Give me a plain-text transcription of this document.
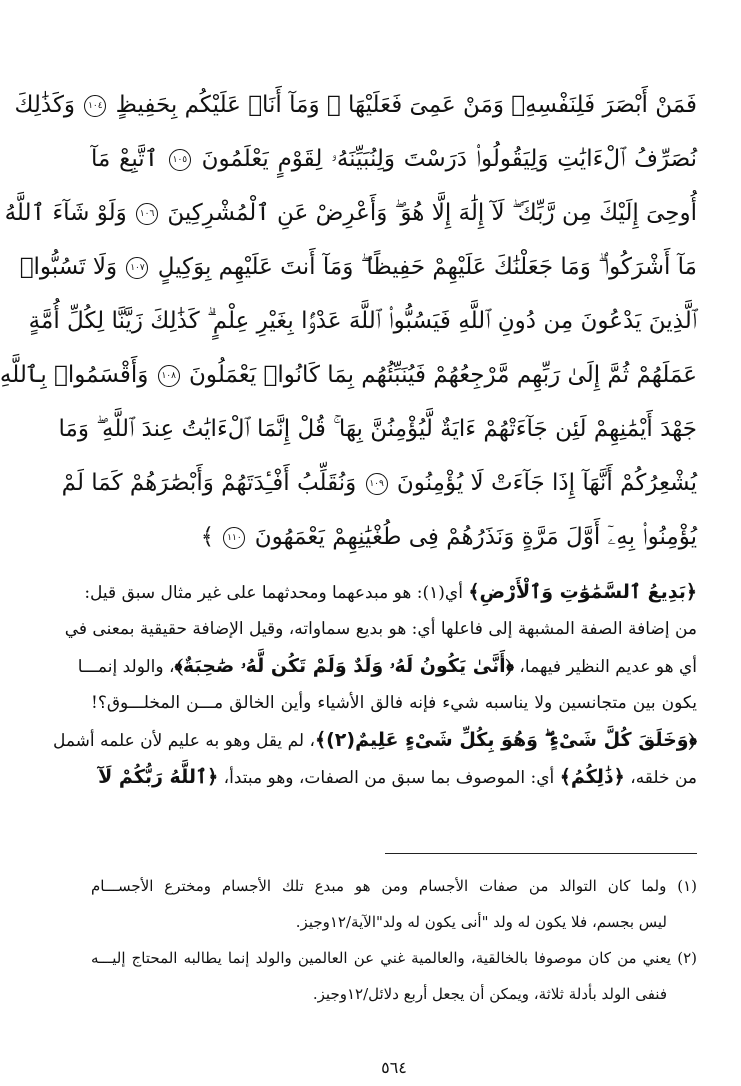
فَمَنْ أَبْصَرَ فَلِنَفْسِهِۦ وَمَنْ عَمِىَ فَعَلَيْهَا ۚ وَمَآ أَنَا۠ عَلَيْكُم بِحَفِيظٍ ١٠٤ وَكَذَٰلِكَ
نُصَرِّفُ ٱلْءَايَٰتِ وَلِيَقُولُوا۟ دَرَسْتَ وَلِنُبَيِّنَهُۥ لِقَوْمٍ يَعْلَمُونَ ١٠٥ ٱتَّبِعْ مَآ
أُوحِىَ إِلَيْكَ مِن رَّبِّكَ ۖ لَآ إِلَٰهَ إِلَّا هُوَ ۖ وَأَعْرِضْ عَنِ ٱلْمُشْرِكِينَ ١٠٦ وَلَوْ شَآءَ ٱللَّهُ
مَآ أَشْرَكُوا۟ ۗ وَمَا جَعَلْنَٰكَ عَلَيْهِمْ حَفِيظًا ۖ وَمَآ أَنتَ عَلَيْهِم بِوَكِيلٍ ١٠٧ وَلَا تَسُبُّوا۟
ٱلَّذِينَ يَدْعُونَ مِن دُونِ ٱللَّهِ فَيَسُبُّوا۟ ٱللَّهَ عَدْوًۢا بِغَيْرِ عِلْمٍ ۗ كَذَٰلِكَ زَيَّنَّا لِكُلِّ أُمَّةٍ
عَمَلَهُمْ ثُمَّ إِلَىٰ رَبِّهِم مَّرْجِعُهُمْ فَيُنَبِّئُهُم بِمَا كَانُوا۟ يَعْمَلُونَ ١٠٨ وَأَقْسَمُوا۟ بِٱللَّهِ
جَهْدَ أَيْمَٰنِهِمْ لَئِن جَآءَتْهُمْ ءَايَةٌ لَّيُؤْمِنُنَّ بِهَا ۚ قُلْ إِنَّمَا ٱلْءَايَٰتُ عِندَ ٱللَّهِ ۖ وَمَا
يُشْعِرُكُمْ أَنَّهَآ إِذَا جَآءَتْ لَا يُؤْمِنُونَ ١٠٩ وَنُقَلِّبُ أَفْـِٔدَتَهُمْ وَأَبْصَٰرَهُمْ كَمَا لَمْ
يُؤْمِنُوا۟ بِهِۦٓ أَوَّلَ مَرَّةٍ وَنَذَرُهُمْ فِى طُغْيَٰنِهِمْ يَعْمَهُونَ ١١٠ ﴾
﴿بَدِيعُ ٱلسَّمَٰوَٰتِ وَٱلْأَرْضِ﴾ أي(١): هو مبدعهما ومحدثهما على غير مثال سبق قيل:
من إضافة الصفة المشبهة إلى فاعلها أي: هو بديع سماواته، وقيل الإضافة حقيقية بمعنى في
أي هو عديم النظير فيهما، ﴿أَنَّىٰ يَكُونُ لَهُۥ وَلَدٌ وَلَمْ تَكُن لَّهُۥ صَٰحِبَةٌ﴾، والولد إنمـــا
يكون بين متجانسين ولا يناسبه شيء فإنه فالق الأشياء وأين الخالق مـــن المخلـــوق؟!
﴿وَخَلَقَ كُلَّ شَىْءٍ ۖ وَهُوَ بِكُلِّ شَىْءٍ عَلِيمٌ(٢)﴾، لم يقل وهو به عليم لأن علمه أشمل
من خلقه، ﴿ذَٰلِكُمُ﴾ أي: الموصوف بما سبق من الصفات، وهو مبتدأ، ﴿ٱللَّهُ رَبُّكُمْ لَآ
(١) ولما كان التوالد من صفات الأجسام ومن هو مبدع تلك الأجسام ومخترع الأجســـام
ليس بجسم، فلا يكون له ولد "أنى يكون له ولد"الآية/١٢وجيز.
(٢) يعني من كان موصوفا بالخالقية، والعالمية غني عن العالمين والولد إنما يطالبه المحتاج إليـــه
فنفى الولد بأدلة ثلاثة، ويمكن أن يجعل أربع دلائل/١٢وجيز.
٥٦٤
